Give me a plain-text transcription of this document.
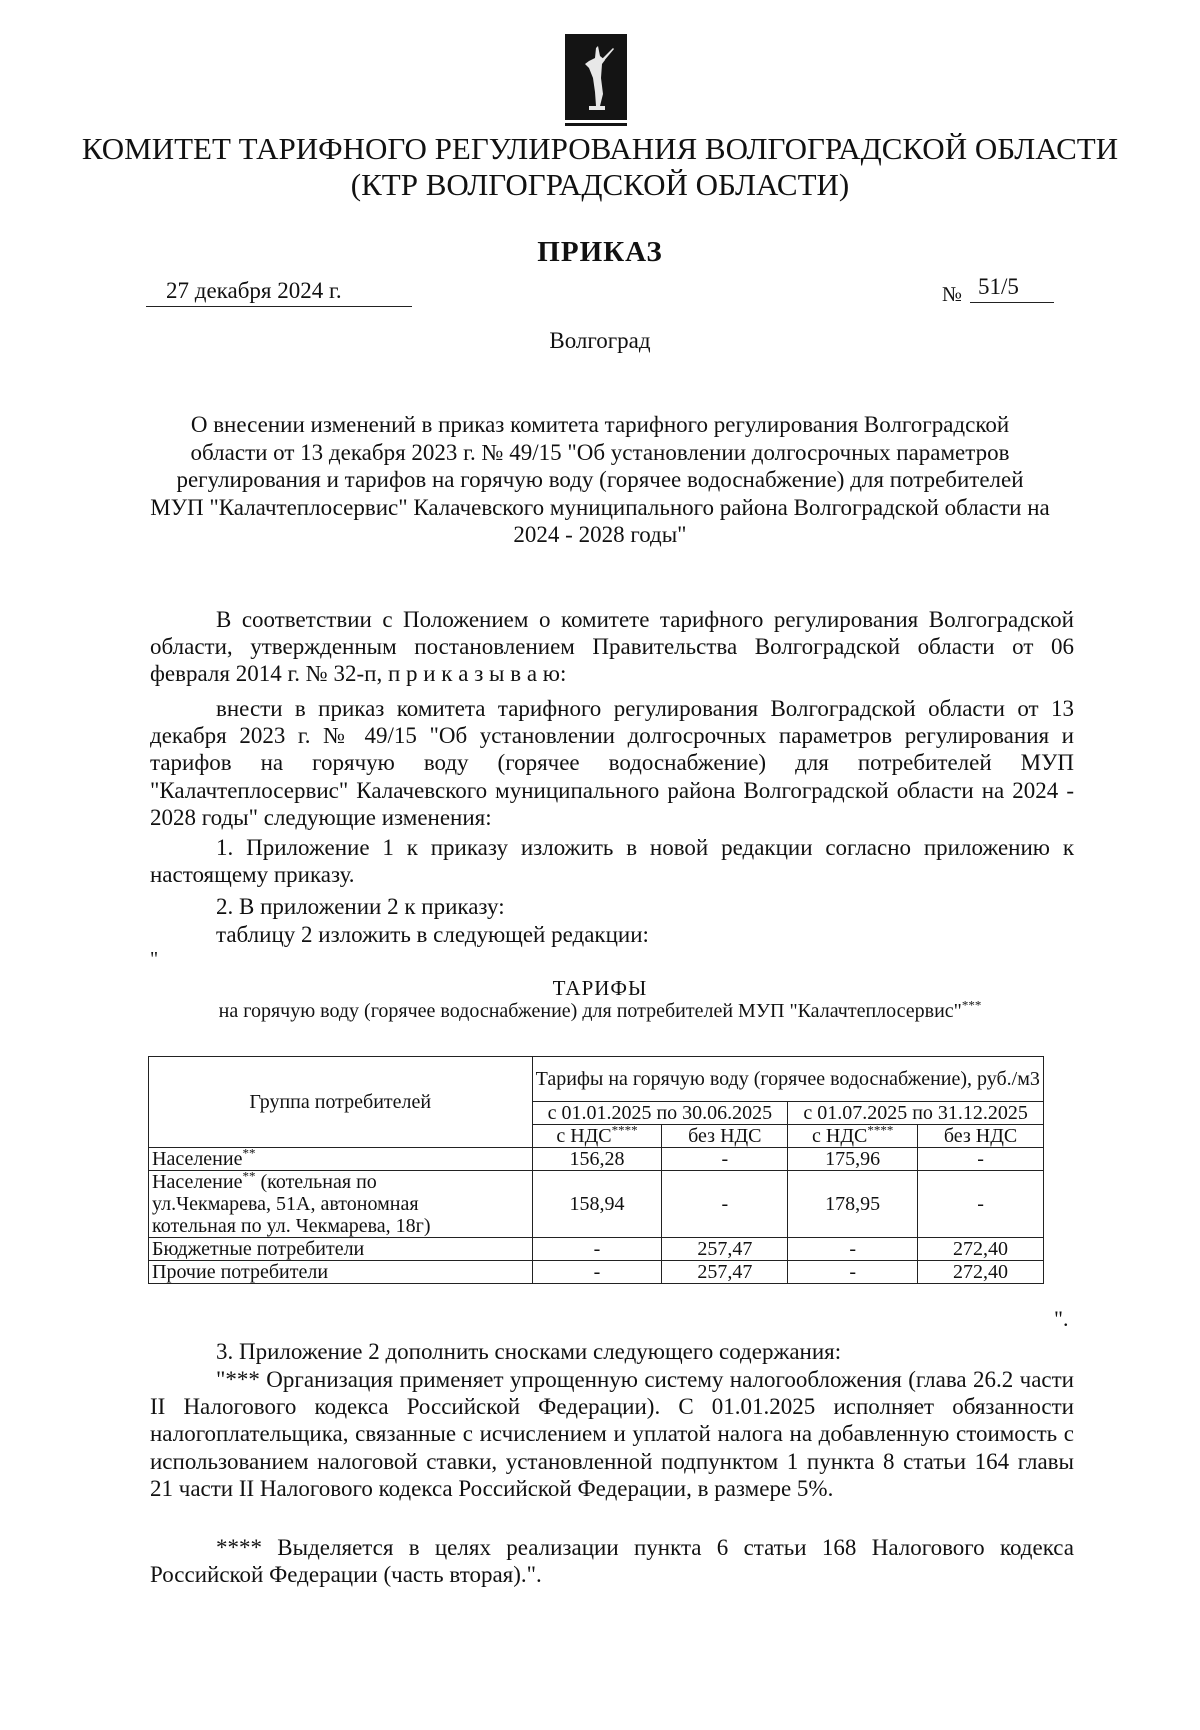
КОМИТЕТ ТАРИФНОГО РЕГУЛИРОВАНИЯ ВОЛГОГРАДСКОЙ ОБЛАСТИ
(КТР ВОЛГОГРАДСКОЙ ОБЛАСТИ)
ПРИКАЗ
27 декабря 2024 г.	№ 51/5
Волгоград
О внесении изменений в приказ комитета тарифного регулирования Волгоградской области от 13 декабря 2023 г. № 49/15 "Об установлении долгосрочных параметров регулирования и тарифов на горячую воду (горячее водоснабжение) для потребителей МУП "Калачтеплосервис" Калачевского муниципального района Волгоградской области на 2024 - 2028 годы"
В соответствии с Положением о комитете тарифного регулирования Волгоградской области, утвержденным постановлением Правительства Волгоградской области от 06 февраля 2014 г. № 32-п, п р и к а з ы в а ю:
внести в приказ комитета тарифного регулирования Волгоградской области от 13 декабря 2023 г. № 49/15 "Об установлении долгосрочных параметров регулирования и тарифов на горячую воду (горячее водоснабжение) для потребителей МУП "Калачтеплосервис" Калачевского муниципального района Волгоградской области на 2024 - 2028 годы" следующие изменения:
1. Приложение 1 к приказу изложить в новой редакции согласно приложению к настоящему приказу.
2. В приложении 2 к приказу:
таблицу 2 изложить в следующей редакции:
"
ТАРИФЫ
на горячую воду (горячее водоснабжение) для потребителей МУП "Калачтеплосервис"***
Группа потребителей	Тарифы на горячую воду (горячее водоснабжение), руб./м3			
	с 01.01.2025 по 30.06.2025		с 01.07.2025 по 31.12.2025	
	с НДС****	без НДС	с НДС****	без НДС
Население**	156,28	-	175,96	-
Население** (котельная по ул.Чекмарева, 51А, автономная котельная по ул. Чекмарева, 18г)	158,94	-	178,95	-
Бюджетные потребители	-	257,47	-	272,40
Прочие потребители	-	257,47	-	272,40
".
3. Приложение 2 дополнить сносками следующего содержания:
"*** Организация применяет упрощенную систему налогообложения (глава 26.2 части II Налогового кодекса Российской Федерации). С 01.01.2025 исполняет обязанности налогоплательщика, связанные с исчислением и уплатой налога на добавленную стоимость с использованием налоговой ставки, установленной подпунктом 1 пункта 8 статьи 164 главы 21 части II Налогового кодекса Российской Федерации, в размере 5%.
**** Выделяется в целях реализации пункта 6 статьи 168 Налогового кодекса Российской Федерации (часть вторая).".
